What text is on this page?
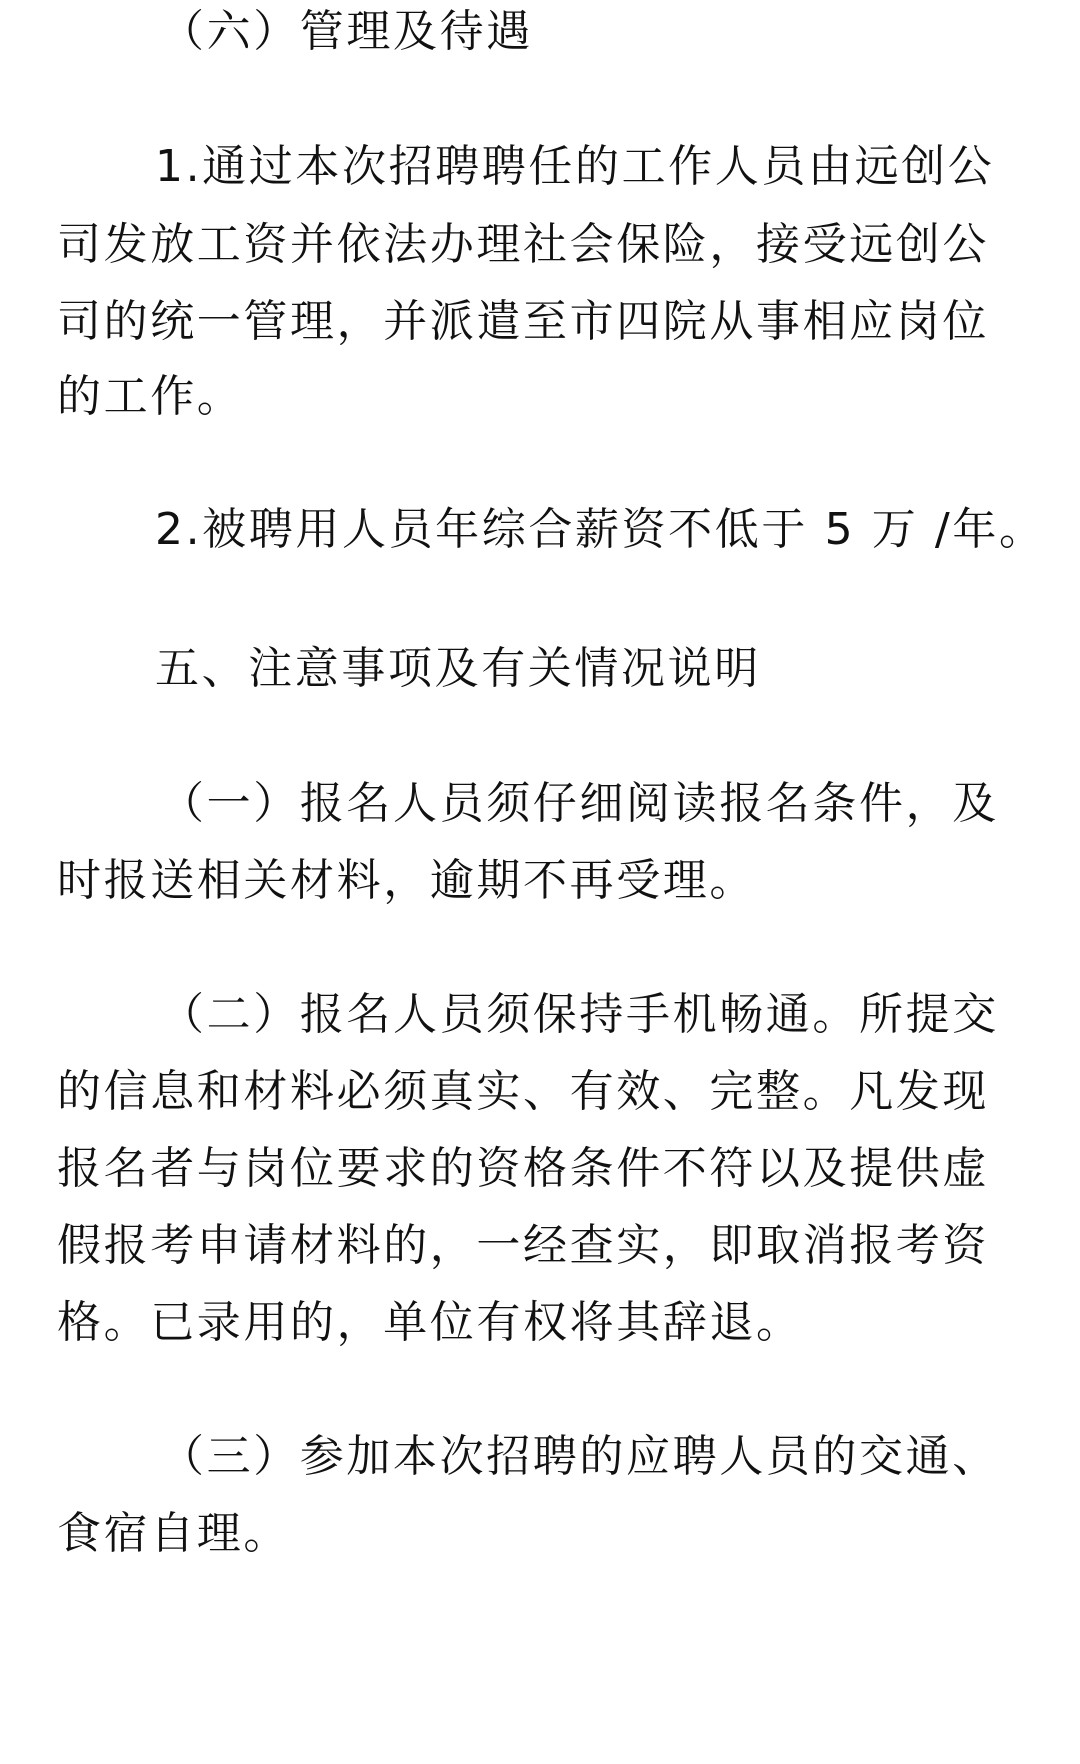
（六）管理及待遇
1.通过本次招聘聘任的工作人员由远创公
司发放工资并依法办理社会保险，接受远创公
司的统一管理，并派遣至市四院从事相应岗位
的工作。
2.被聘用人员年综合薪资不低于 5 万 /年。
五、注意事项及有关情况说明
（一）报名人员须仔细阅读报名条件，及
时报送相关材料，逾期不再受理。
（二）报名人员须保持手机畅通。所提交
的信息和材料必须真实、有效、完整。凡发现
报名者与岗位要求的资格条件不符以及提供虚
假报考申请材料的，一经查实，即取消报考资
格。已录用的，单位有权将其辞退。
（三）参加本次招聘的应聘人员的交通、
食宿自理。
